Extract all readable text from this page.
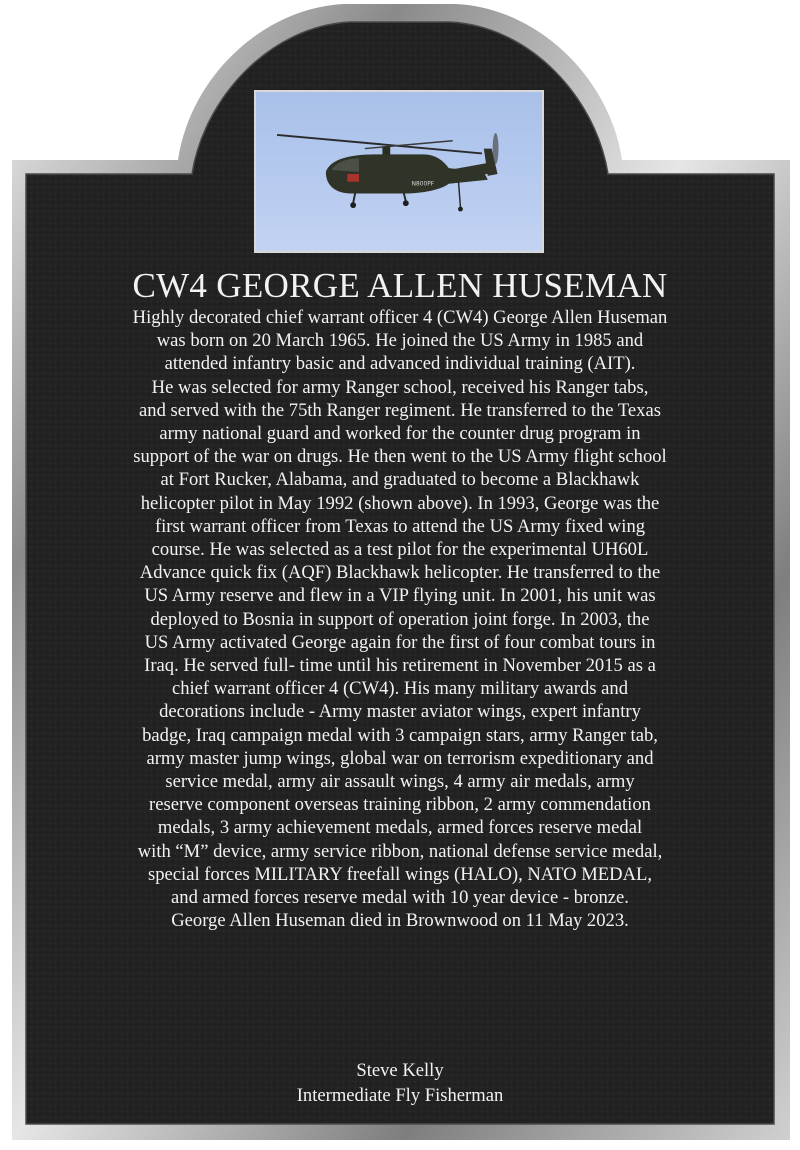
N800PF
CW4 GEORGE ALLEN HUSEMAN
Highly decorated chief warrant officer 4 (CW4) George Allen Huseman
was born on 20 March 1965. He joined the US Army in 1985 and
attended infantry basic and advanced individual training (AIT).
He was selected for army Ranger school, received his Ranger tabs,
and served with the 75th Ranger regiment. He transferred to the Texas
army national guard and worked for the counter drug program in
support of the war on drugs. He then went to the US Army flight school
at Fort Rucker, Alabama, and graduated to become a Blackhawk
helicopter pilot in May 1992 (shown above). In 1993, George was the
first warrant officer from Texas to attend the US Army fixed wing
course. He was selected as a test pilot for the experimental UH60L
Advance quick fix (AQF) Blackhawk helicopter. He transferred to the
US Army reserve and flew in a VIP flying unit. In 2001, his unit was
deployed to Bosnia in support of operation joint forge. In 2003, the
US Army activated George again for the first of four combat tours in
Iraq. He served full- time until his retirement in November 2015 as a
chief warrant officer 4 (CW4). His many military awards and
decorations include - Army master aviator wings, expert infantry
badge, Iraq campaign medal with 3 campaign stars, army Ranger tab,
army master jump wings, global war on terrorism expeditionary and
service medal, army air assault wings, 4 army air medals, army
reserve component overseas training ribbon, 2 army commendation
medals, 3 army achievement medals, armed forces reserve medal
with “M” device, army service ribbon, national defense service medal,
special forces MILITARY freefall wings (HALO), NATO MEDAL,
and armed forces reserve medal with 10 year device - bronze.
George Allen Huseman died in Brownwood on 11 May 2023.
Steve Kelly
Intermediate Fly Fisherman
